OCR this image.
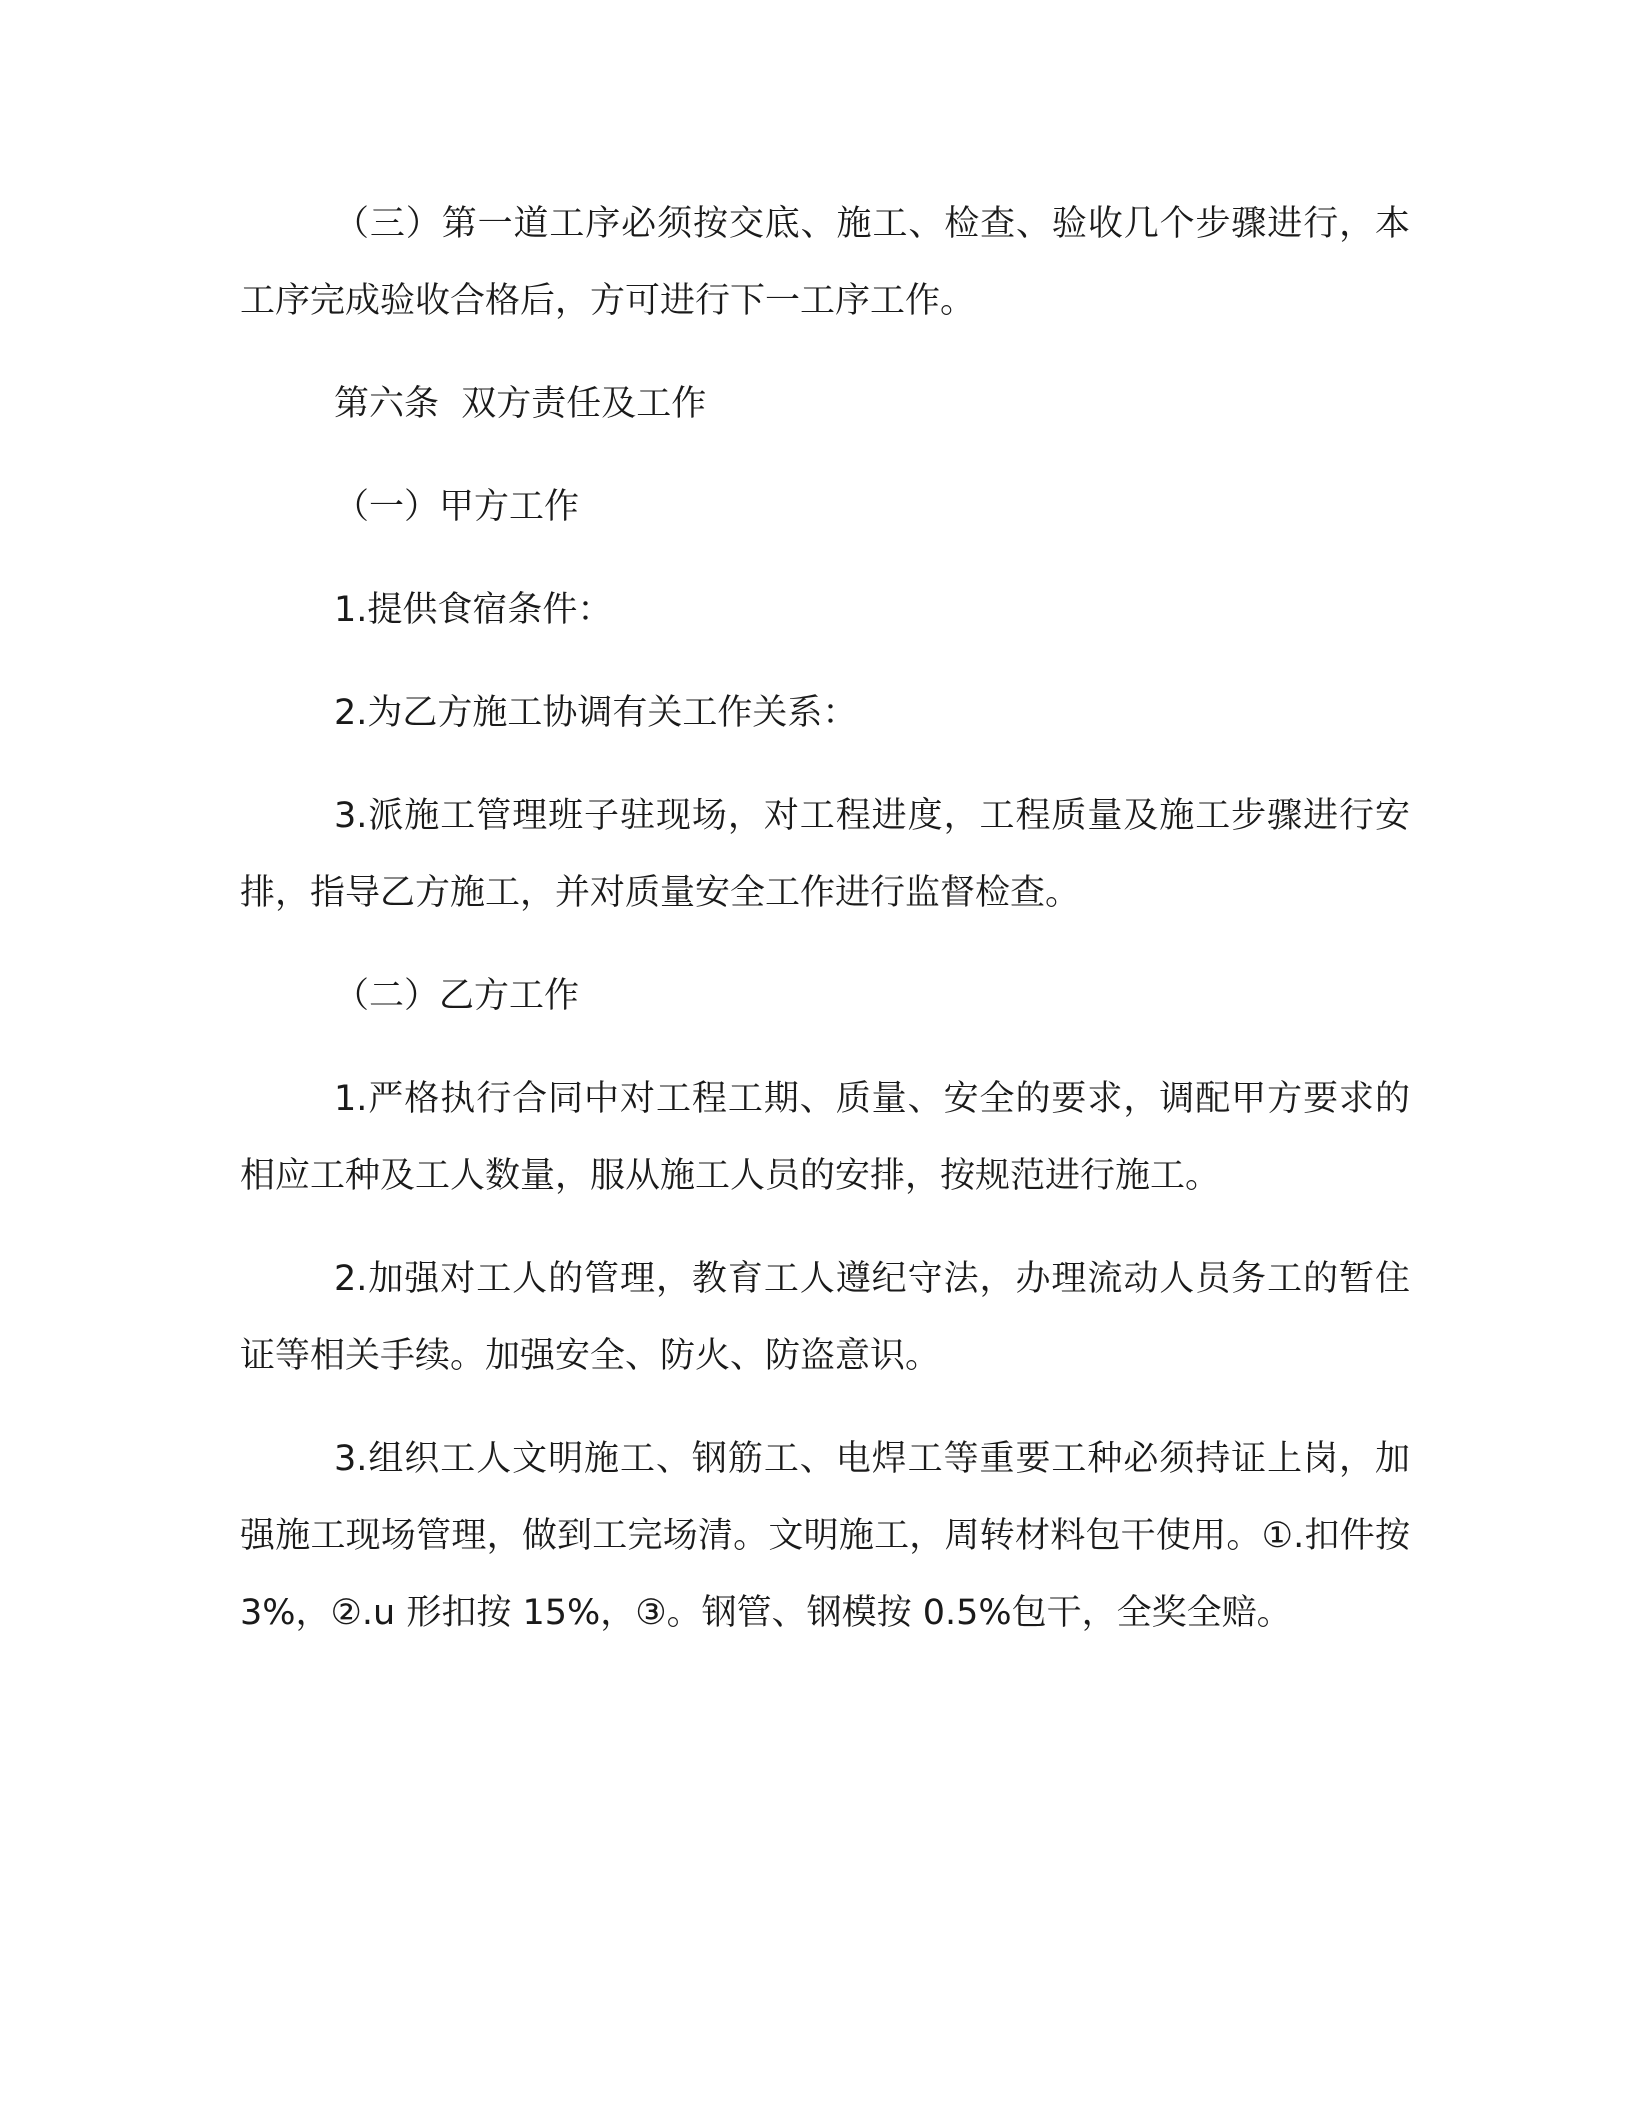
（三）第一道工序必须按交底、施工、检查、验收几个步骤进行，本工序完成验收合格后，方可进行下一工序工作。

第六条  双方责任及工作

（一）甲方工作

1.提供食宿条件：

2.为乙方施工协调有关工作关系：

3.派施工管理班子驻现场，对工程进度，工程质量及施工步骤进行安排，指导乙方施工，并对质量安全工作进行监督检查。

（二）乙方工作

1.严格执行合同中对工程工期、质量、安全的要求，调配甲方要求的相应工种及工人数量，服从施工人员的安排，按规范进行施工。

2.加强对工人的管理，教育工人遵纪守法，办理流动人员务工的暂住证等相关手续。加强安全、防火、防盗意识。

3.组织工人文明施工、钢筋工、电焊工等重要工种必须持证上岗，加强施工现场管理，做到工完场清。文明施工，周转材料包干使用。①.扣件按 3%，②.u 形扣按 15%，③。钢管、钢模按 0.5%包干，全奖全赔。
